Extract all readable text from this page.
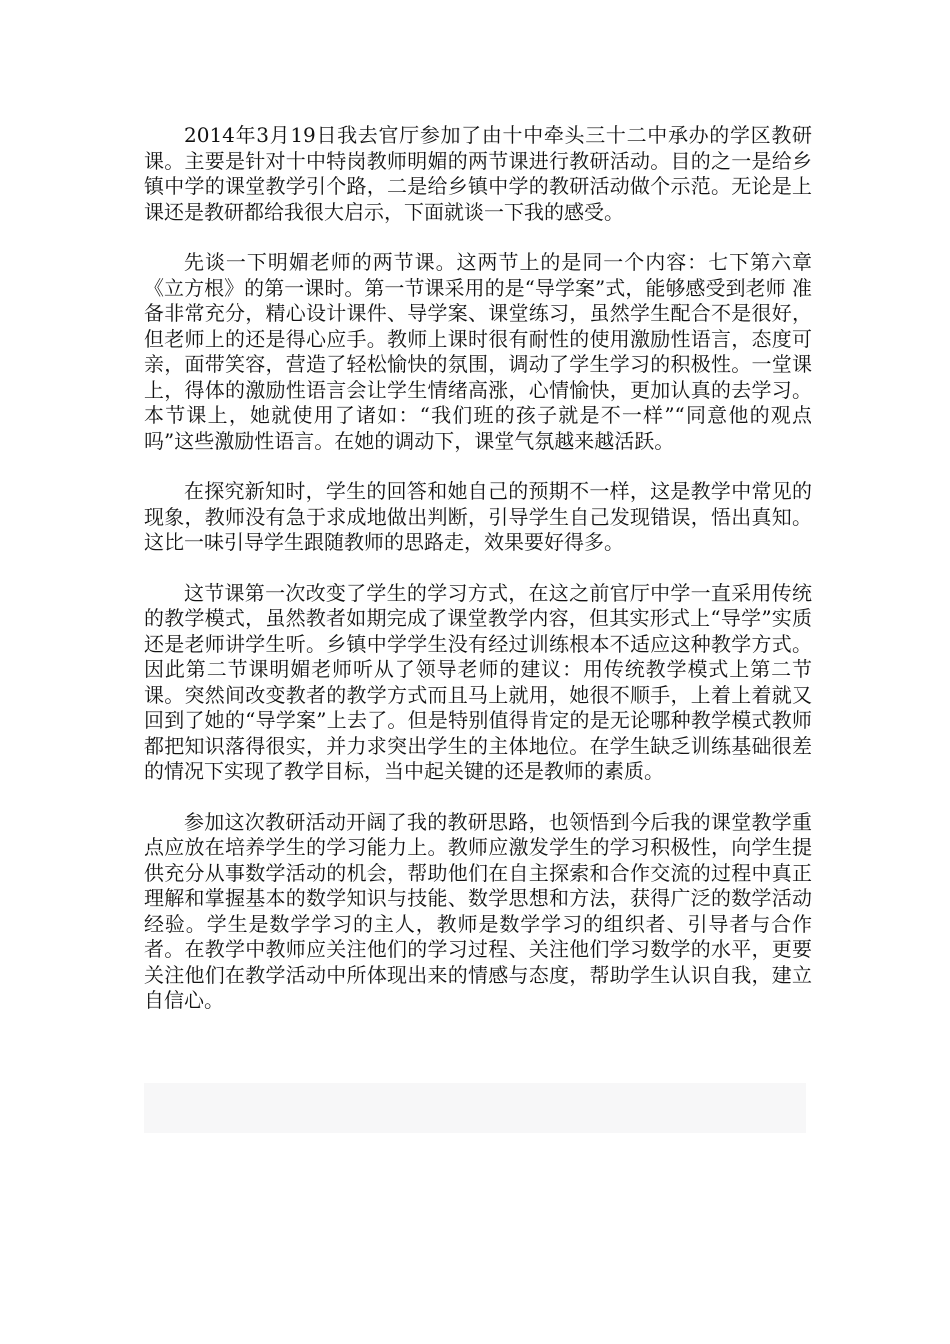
2014年3月19日我去官厅参加了由十中牵头三十二中承办的学区教研课。主要是针对十中特岗教师明媚的两节课进行教研活动。目的之一是给乡镇中学的课堂教学引个路，二是给乡镇中学的教研活动做个示范。无论是上课还是教研都给我很大启示，下面就谈一下我的感受。

先谈一下明媚老师的两节课。这两节上的是同一个内容：七下第六章《立方根》的第一课时。第一节课采用的是“导学案”式，能够感受到老师 准备非常充分，精心设计课件、导学案、课堂练习，虽然学生配合不是很好，但老师上的还是得心应手。教师上课时很有耐性的使用激励性语言，态度可亲，面带笑容，营造了轻松愉快的氛围，调动了学生学习的积极性。一堂课上，得体的激励性语言会让学生情绪高涨，心情愉快，更加认真的去学习。本节课上，她就使用了诸如：“我们班的孩子就是不一样”“同意他的观点吗”这些激励性语言。在她的调动下，课堂气氛越来越活跃。

在探究新知时，学生的回答和她自己的预期不一样，这是教学中常见的现象，教师没有急于求成地做出判断，引导学生自己发现错误，悟出真知。这比一味引导学生跟随教师的思路走，效果要好得多。

这节课第一次改变了学生的学习方式，在这之前官厅中学一直采用传统的教学模式，虽然教者如期完成了课堂教学内容，但其实形式上“导学”实质还是老师讲学生听。乡镇中学学生没有经过训练根本不适应这种教学方式。因此第二节课明媚老师听从了领导老师的建议：用传统教学模式上第二节课。突然间改变教者的教学方式而且马上就用，她很不顺手，上着上着就又回到了她的“导学案”上去了。但是特别值得肯定的是无论哪种教学模式教师都把知识落得很实，并力求突出学生的主体地位。在学生缺乏训练基础很差的情况下实现了教学目标，当中起关键的还是教师的素质。

参加这次教研活动开阔了我的教研思路，也领悟到今后我的课堂教学重点应放在培养学生的学习能力上。教师应激发学生的学习积极性，向学生提供充分从事数学活动的机会，帮助他们在自主探索和合作交流的过程中真正理解和掌握基本的数学知识与技能、数学思想和方法，获得广泛的数学活动经验。学生是数学学习的主人，教师是数学学习的组织者、引导者与合作者。在教学中教师应关注他们的学习过程、关注他们学习数学的水平，更要关注他们在教学活动中所体现出来的情感与态度，帮助学生认识自我，建立自信心。
